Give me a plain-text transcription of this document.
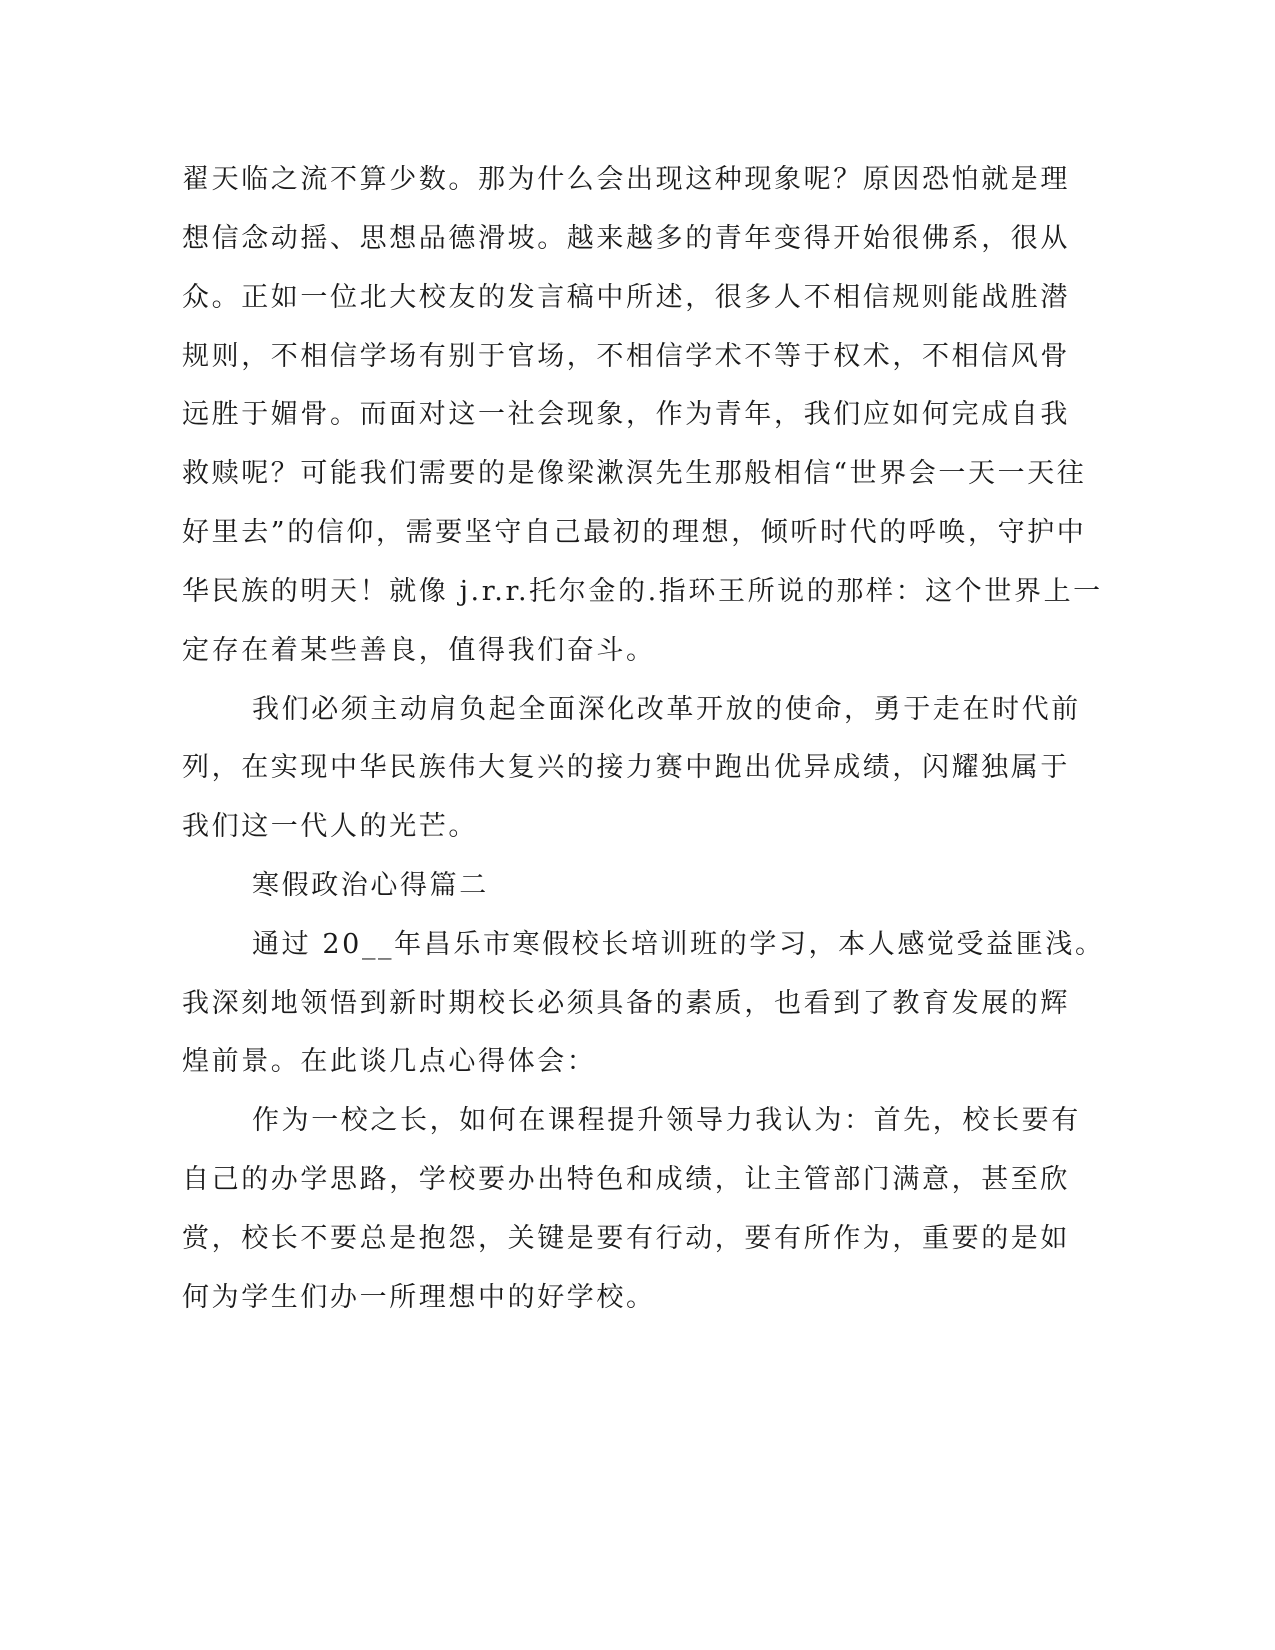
翟天临之流不算少数。那为什么会出现这种现象呢？原因恐怕就是理
想信念动摇、思想品德滑坡。越来越多的青年变得开始很佛系，很从
众。正如一位北大校友的发言稿中所述，很多人不相信规则能战胜潜
规则，不相信学场有别于官场，不相信学术不等于权术，不相信风骨
远胜于媚骨。而面对这一社会现象，作为青年，我们应如何完成自我
救赎呢？可能我们需要的是像梁漱溟先生那般相信“世界会一天一天往
好里去”的信仰，需要坚守自己最初的理想，倾听时代的呼唤，守护中
华民族的明天！就像 j.r.r.托尔金的.指环王所说的那样：这个世界上一
定存在着某些善良，值得我们奋斗。
我们必须主动肩负起全面深化改革开放的使命，勇于走在时代前
列，在实现中华民族伟大复兴的接力赛中跑出优异成绩，闪耀独属于
我们这一代人的光芒。
寒假政治心得篇二
通过 20__年昌乐市寒假校长培训班的学习，本人感觉受益匪浅。
我深刻地领悟到新时期校长必须具备的素质，也看到了教育发展的辉
煌前景。在此谈几点心得体会：
作为一校之长，如何在课程提升领导力我认为：首先，校长要有
自己的办学思路，学校要办出特色和成绩，让主管部门满意，甚至欣
赏，校长不要总是抱怨，关键是要有行动，要有所作为，重要的是如
何为学生们办一所理想中的好学校。
